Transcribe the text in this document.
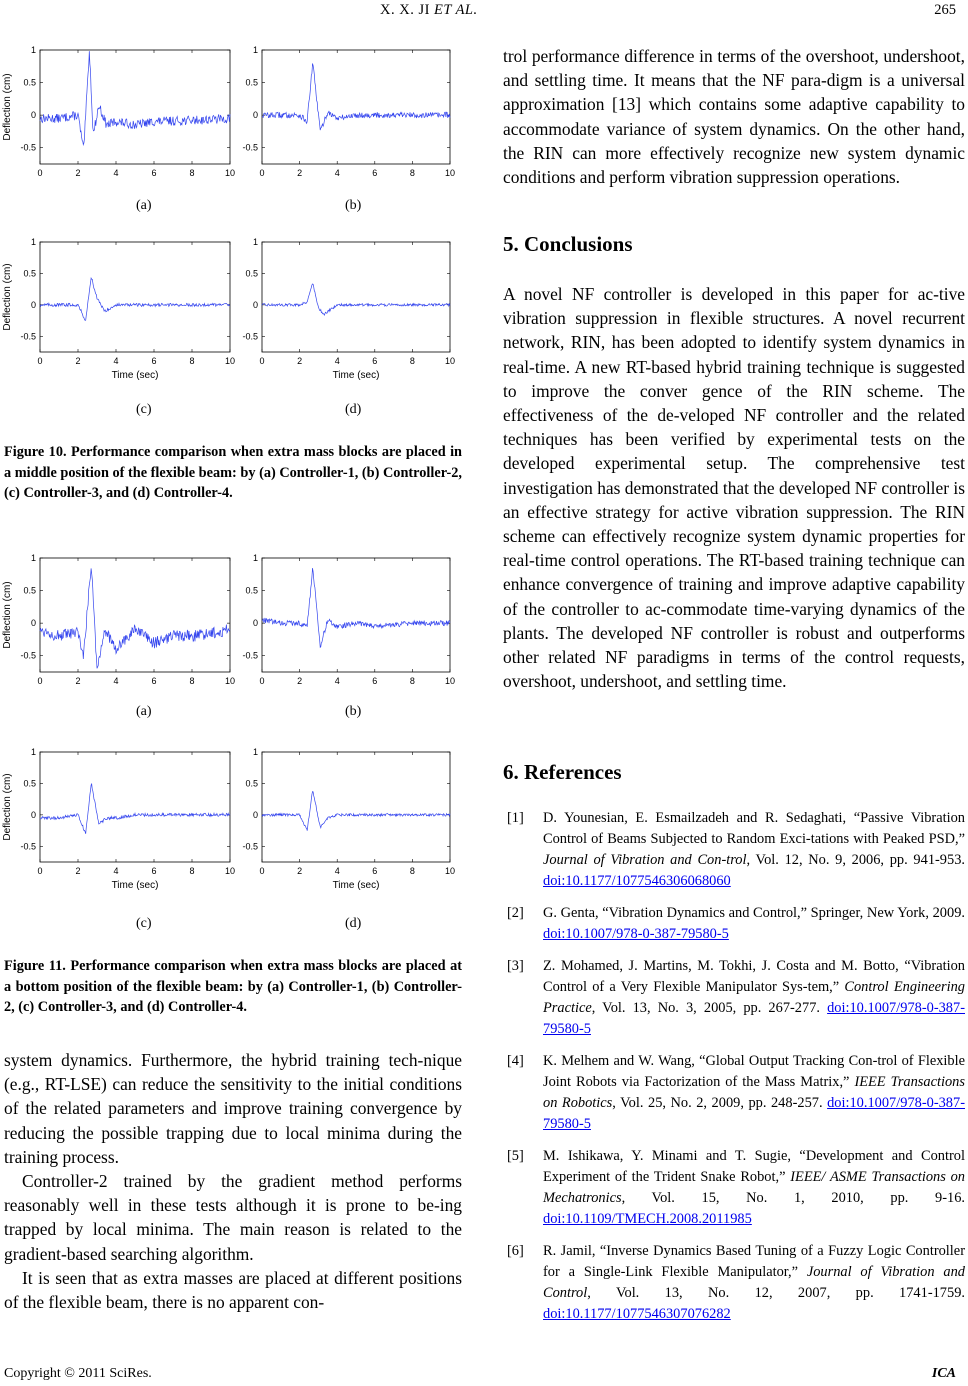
X. X. JI ET AL.	265
0	2	4	6	8	10
1
0.5
0
-0.5
Deflection (cm)
0	2	4	6	8	10
1
0.5
0
-0.5
0	2	4	6	8	10
1
0.5
0
-0.5
Deflection (cm)
Time (sec)
0	2	4	6	8	10
1
0.5
0
-0.5
Time (sec)
(a)	(b)
(c)	(d)
Figure 10. Performance comparison when extra mass blocks are placed in a middle position of the flexible beam: by (a) Controller-1, (b) Controller-2, (c) Controller-3, and (d) Controller-4.
0	2	4	6	8	10
1
0.5
0
-0.5
Deflection (cm)
0	2	4	6	8	10
1
0.5
0
-0.5
0	2	4	6	8	10
1
0.5
0
-0.5
Deflection (cm)
Time (sec)
0	2	4	6	8	10
1
0.5
0
-0.5
Time (sec)
(a)	(b)
(c)	(d)
Figure 11. Performance comparison when extra mass blocks are placed at a bottom position of the flexible beam: by (a) Controller-1, (b) Controller-2, (c) Controller-3, and (d) Controller-4.

system dynamics. Furthermore, the hybrid training tech-nique (e.g., RT-LSE) can reduce the sensitivity to the initial conditions of the related parameters and improve training convergence by reducing the possible trapping due to local minima during the training process.

Controller-2 trained by the gradient method performs reasonably well in these tests although it is prone to be-ing trapped by local minima. The main reason is related to the gradient-based searching algorithm.

It is seen that as extra masses are placed at different positions of the flexible beam, there is no apparent con-

trol performance difference in terms of the overshoot, undershoot, and settling time. It means that the NF para-digm is a universal approximation [13] which contains some adaptive capability to accommodate variance of system dynamics. On the other hand, the RIN can more effectively recognize new system dynamic conditions and perform vibration suppression operations.

5. Conclusions

A novel NF controller is developed in this paper for ac-tive vibration suppression in flexible structures. A novel recurrent network, RIN, has been adopted to identify system dynamics in real-time. A new RT-based hybrid training technique is suggested to improve the conver gence of the RIN scheme. The effectiveness of the de-veloped NF controller and the related techniques has been verified by experimental tests on the developed experimental setup. The comprehensive test investigation has demonstrated that the developed NF controller is an effective strategy for active vibration suppression. The RIN scheme can effectively recognize system dynamic properties for real-time control operations. The RT-based training technique can enhance convergence of training and improve adaptive capability of the controller to ac-commodate time-varying dynamics of the plants. The developed NF controller is robust and outperforms other related NF paradigms in terms of the control requests, overshoot, undershoot, and settling time.

6. References
[1] D. Younesian, E. Esmailzadeh and R. Sedaghati, “Passive Vibration Control of Beams Subjected to Random Exci-tations with Peaked PSD,” Journal of Vibration and Con-trol, Vol. 12, No. 9, 2006, pp. 941-953. doi:10.1177/1077546306068060
[2] G. Genta, “Vibration Dynamics and Control,” Springer, New York, 2009. doi:10.1007/978-0-387-79580-5
[3] Z. Mohamed, J. Martins, M. Tokhi, J. Costa and M. Botto, “Vibration Control of a Very Flexible Manipulator Sys-tem,” Control Engineering Practice, Vol. 13, No. 3, 2005, pp. 267-277. doi:10.1007/978-0-387-79580-5
[4] K. Melhem and W. Wang, “Global Output Tracking Con-trol of Flexible Joint Robots via Factorization of the Mass Matrix,” IEEE Transactions on Robotics, Vol. 25, No. 2, 2009, pp. 248-257. doi:10.1007/978-0-387-79580-5
[5] M. Ishikawa, Y. Minami and T. Sugie, “Development and Control Experiment of the Trident Snake Robot,” IEEE/ ASME Transactions on Mechatronics, Vol. 15, No. 1, 2010, pp. 9-16. doi:10.1109/TMECH.2008.2011985
[6] R. Jamil, “Inverse Dynamics Based Tuning of a Fuzzy Logic Controller for a Single-Link Flexible Manipulator,” Journal of Vibration and Control, Vol. 13, No. 12, 2007, pp. 1741-1759. doi:10.1177/1077546307076282
Copyright © 2011 SciRes.	ICA
